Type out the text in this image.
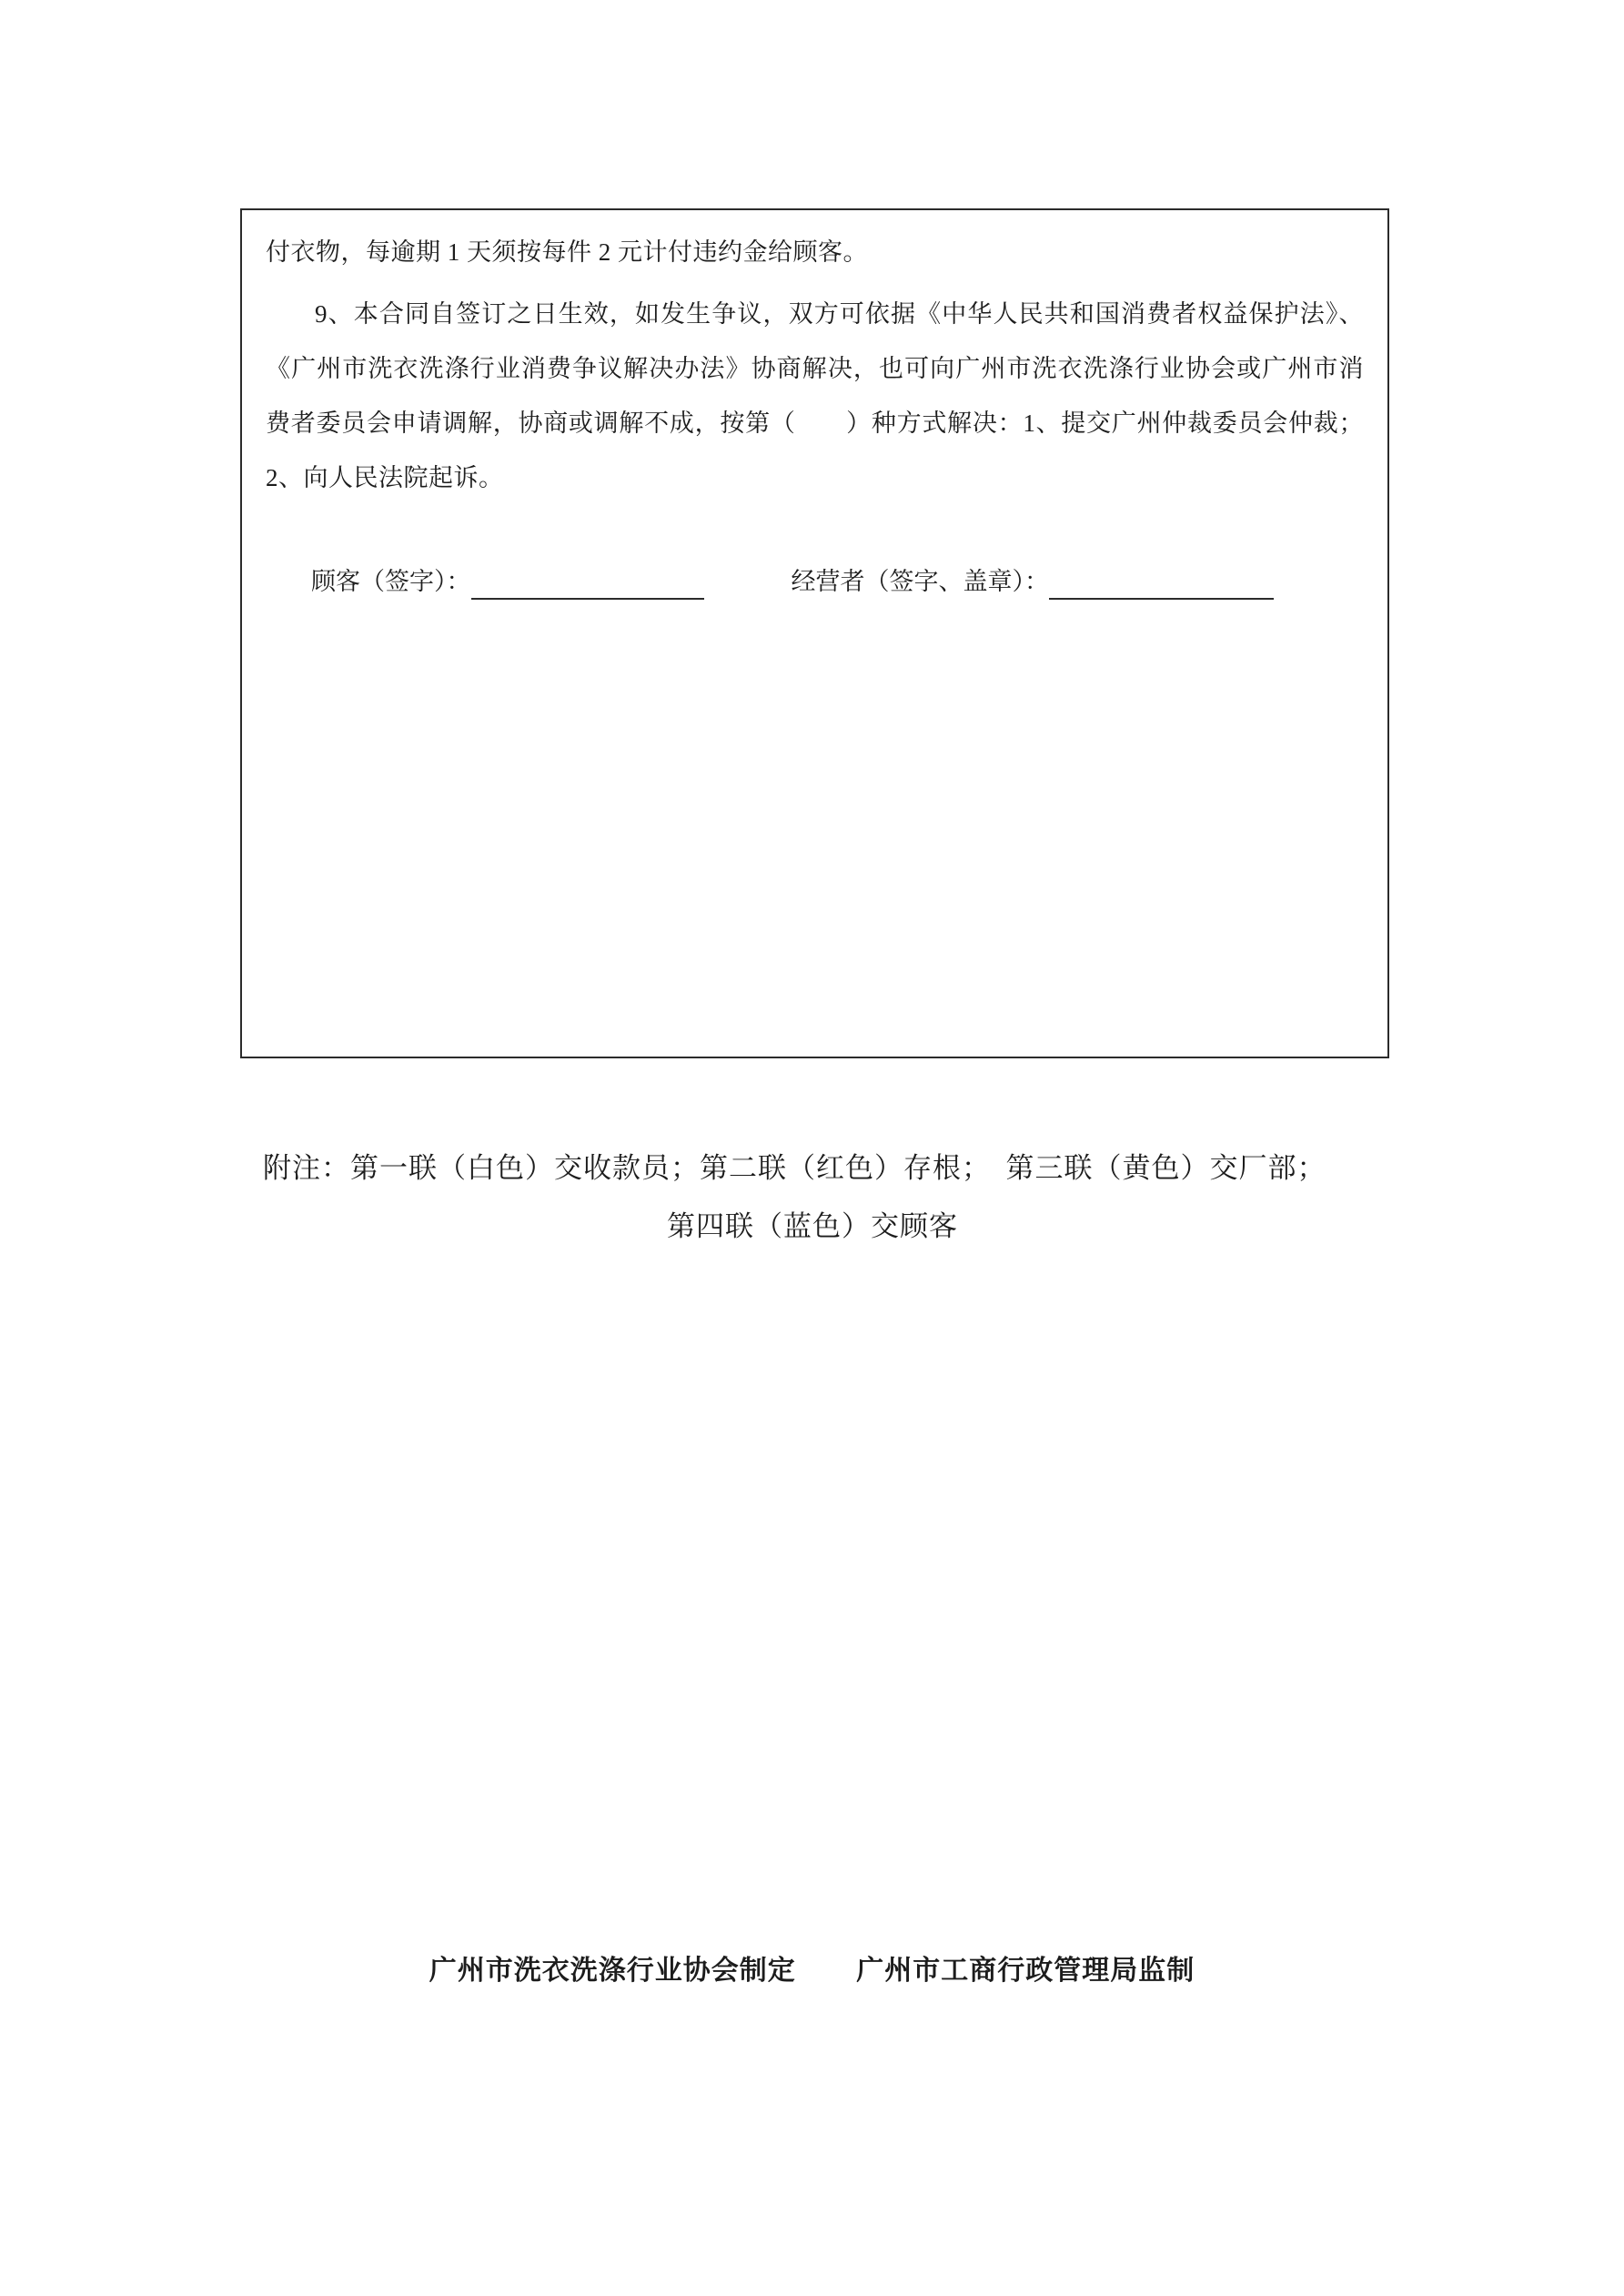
付衣物，每逾期 1 天须按每件 2 元计付违约金给顾客。

9、本合同自签订之日生效，如发生争议，双方可依据《中华人民共和国消费者权益保护法》、《广州市洗衣洗涤行业消费争议解决办法》协商解决，也可向广州市洗衣洗涤行业协会或广州市消费者委员会申请调解，协商或调解不成，按第（　　）种方式解决：1、提交广州仲裁委员会仲裁；2、向人民法院起诉。

顾客（签字）：	经营者（签字、盖章）：
附注：第一联（白色）交收款员；第二联（红色）存根；　第三联（黄色）交厂部；
第四联（蓝色）交顾客
广州市洗衣洗涤行业协会制定 广州市工商行政管理局监制
